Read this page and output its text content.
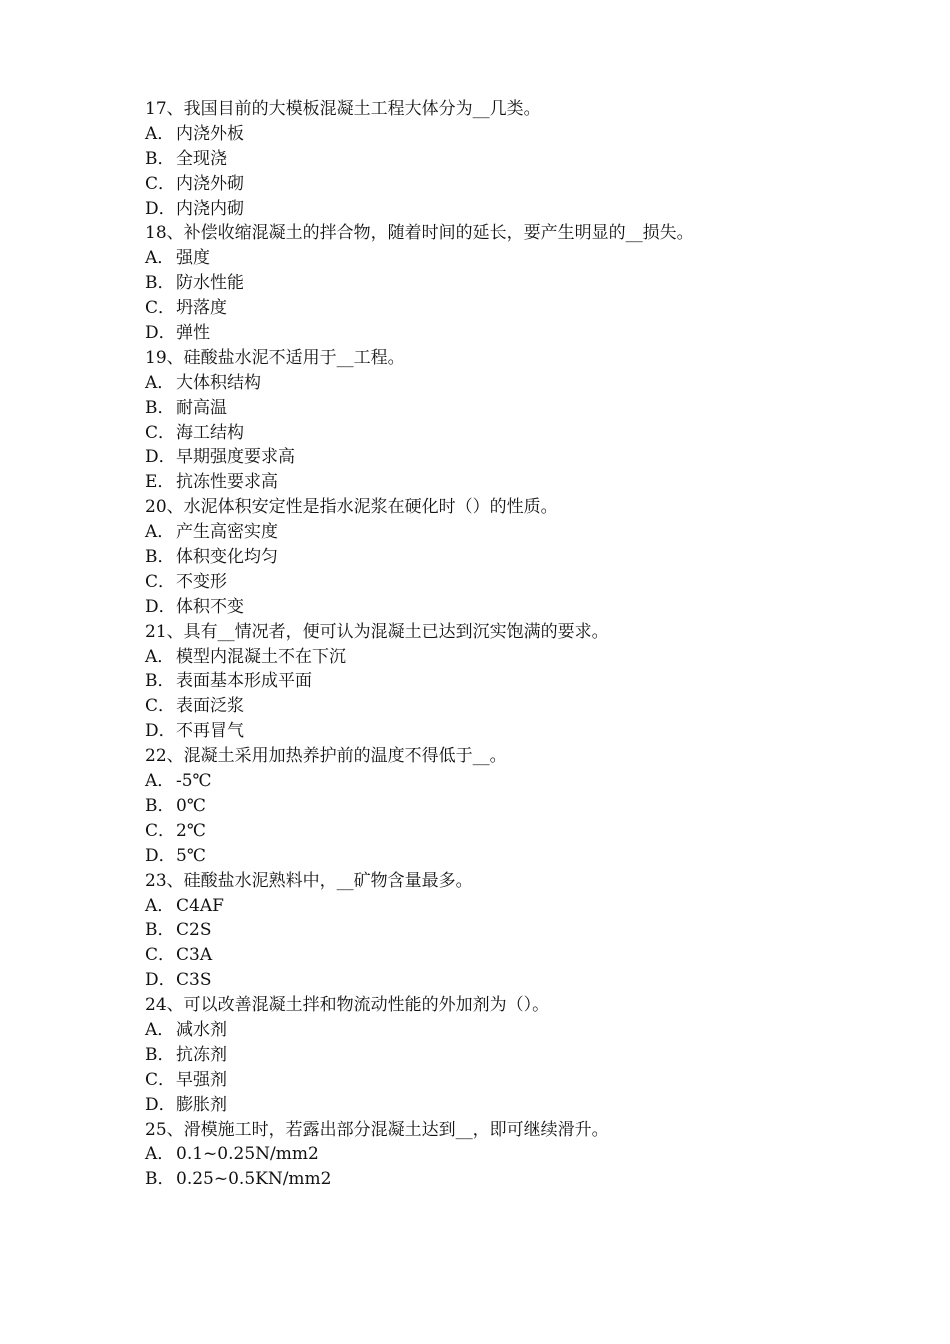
17、我国目前的大模板混凝土工程大体分为__几类。
A． 内浇外板
B．全现浇
C．内浇外砌
D．内浇内砌
18、补偿收缩混凝土的拌合物，随着时间的延长，要产生明显的__损失。
A． 强度
B．防水性能
C．坍落度
D．弹性
19、硅酸盐水泥不适用于__工程。
A． 大体积结构
B．耐高温
C．海工结构
D．早期强度要求高
E．抗冻性要求高
20、水泥体积安定性是指水泥浆在硬化时（）的性质。
A． 产生高密实度
B．体积变化均匀
C．不变形
D．体积不变
21、具有__情况者，便可认为混凝土已达到沉实饱满的要求。
A． 模型内混凝土不在下沉
B．表面基本形成平面
C．表面泛浆
D．不再冒气
22、混凝土采用加热养护前的温度不得低于__。
A． -5℃
B．0℃
C．2℃
D．5℃
23、硅酸盐水泥熟料中，__矿物含量最多。
A． C4AF
B．C2S
C．C3A
D．C3S
24、可以改善混凝土拌和物流动性能的外加剂为（）。
A． 减水剂
B．抗冻剂
C．早强剂
D．膨胀剂
25、滑模施工时，若露出部分混凝土达到__，即可继续滑升。
A． 0.1~0.25N/mm2
B．0.25~0.5KN/mm2
